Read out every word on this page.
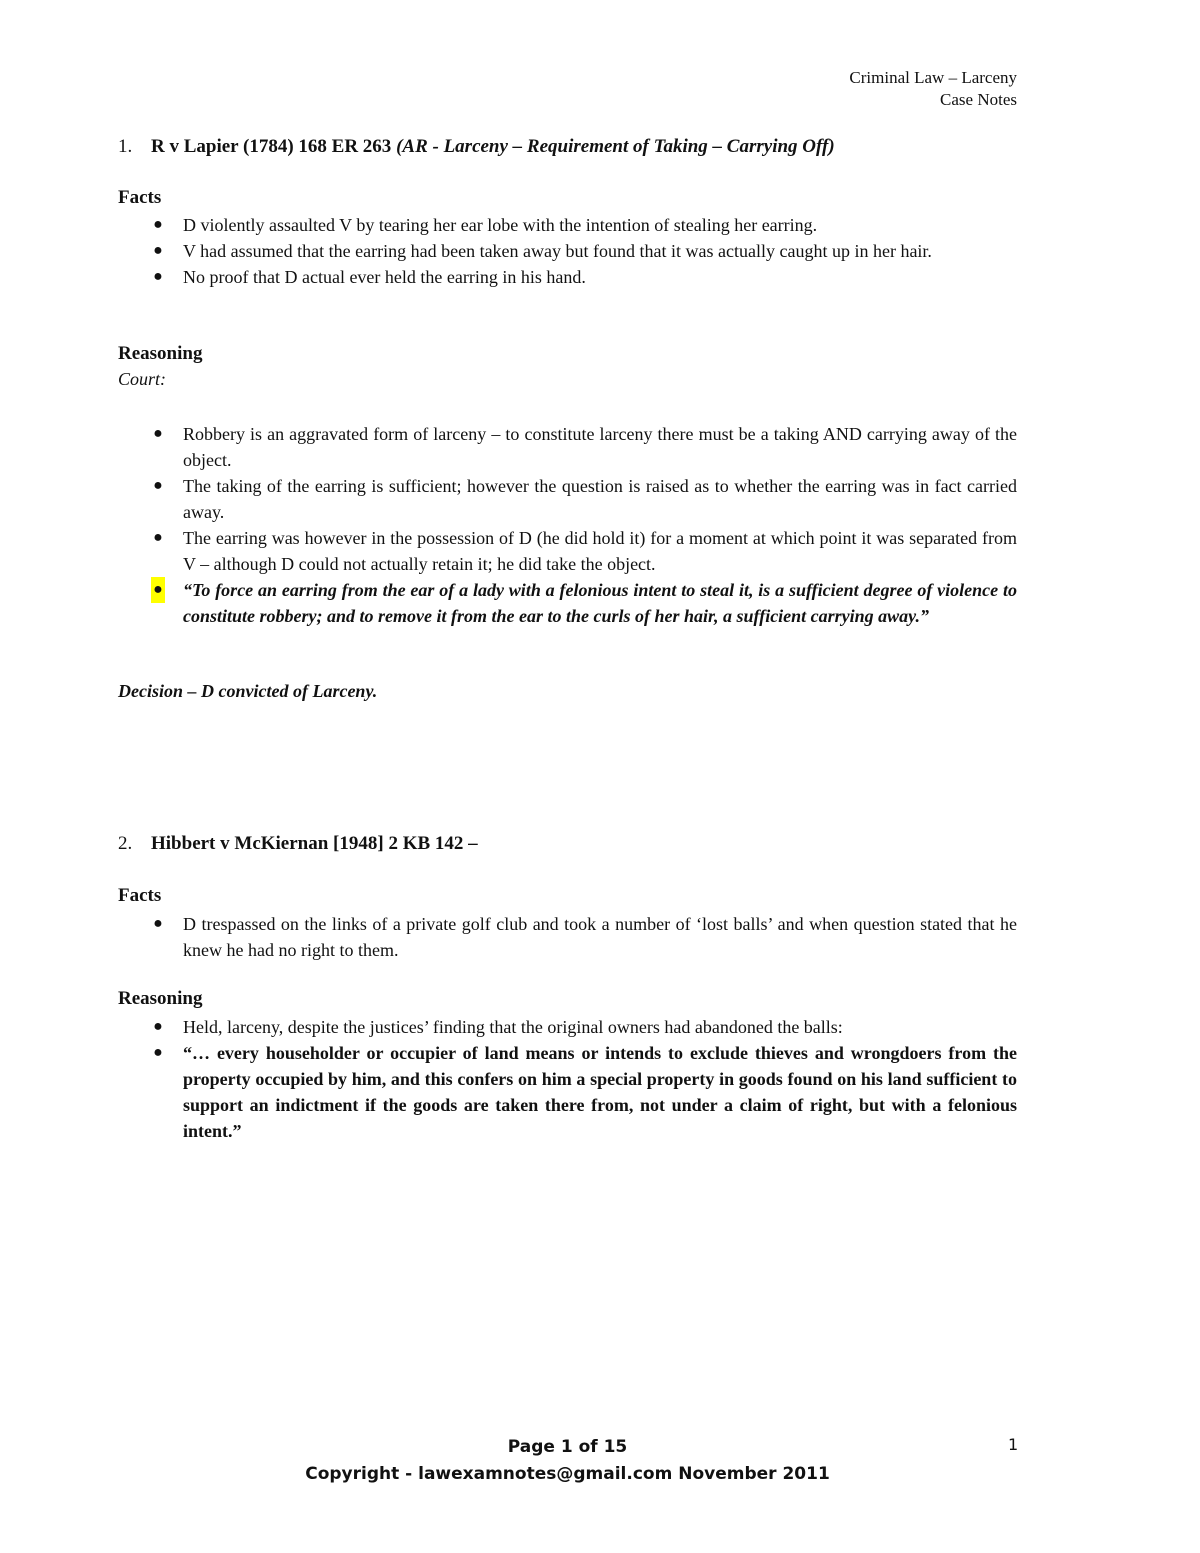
Criminal Law – Larceny
Case Notes
1. R v Lapier (1784) 168 ER 263 (AR - Larceny – Requirement of Taking – Carrying Off)
Facts
● D violently assaulted V by tearing her ear lobe with the intention of stealing her earring.
● V had assumed that the earring had been taken away but found that it was actually caught up in her hair.
● No proof that D actual ever held the earring in his hand.
Reasoning
Court:
● Robbery is an aggravated form of larceny – to constitute larceny there must be a taking AND carrying away of the object.
● The taking of the earring is sufficient; however the question is raised as to whether the earring was in fact carried away.
● The earring was however in the possession of D (he did hold it) for a moment at which point it was separated from V – although D could not actually retain it; he did take the object.
● “To force an earring from the ear of a lady with a felonious intent to steal it, is a sufficient degree of violence to constitute robbery; and to remove it from the ear to the curls of her hair, a sufficient carrying away.”
Decision – D convicted of Larceny.
2. Hibbert v McKiernan [1948] 2 KB 142 –
Facts
● D trespassed on the links of a private golf club and took a number of ‘lost balls’ and when question stated that he knew he had no right to them.
Reasoning
● Held, larceny, despite the justices’ finding that the original owners had abandoned the balls:
● “… every householder or occupier of land means or intends to exclude thieves and wrongdoers from the property occupied by him, and this confers on him a special property in goods found on his land sufficient to support an indictment if the goods are taken there from, not under a claim of right, but with a felonious intent.”
Page 1 of 15
Copyright - lawexamnotes@gmail.com November 2011
1
